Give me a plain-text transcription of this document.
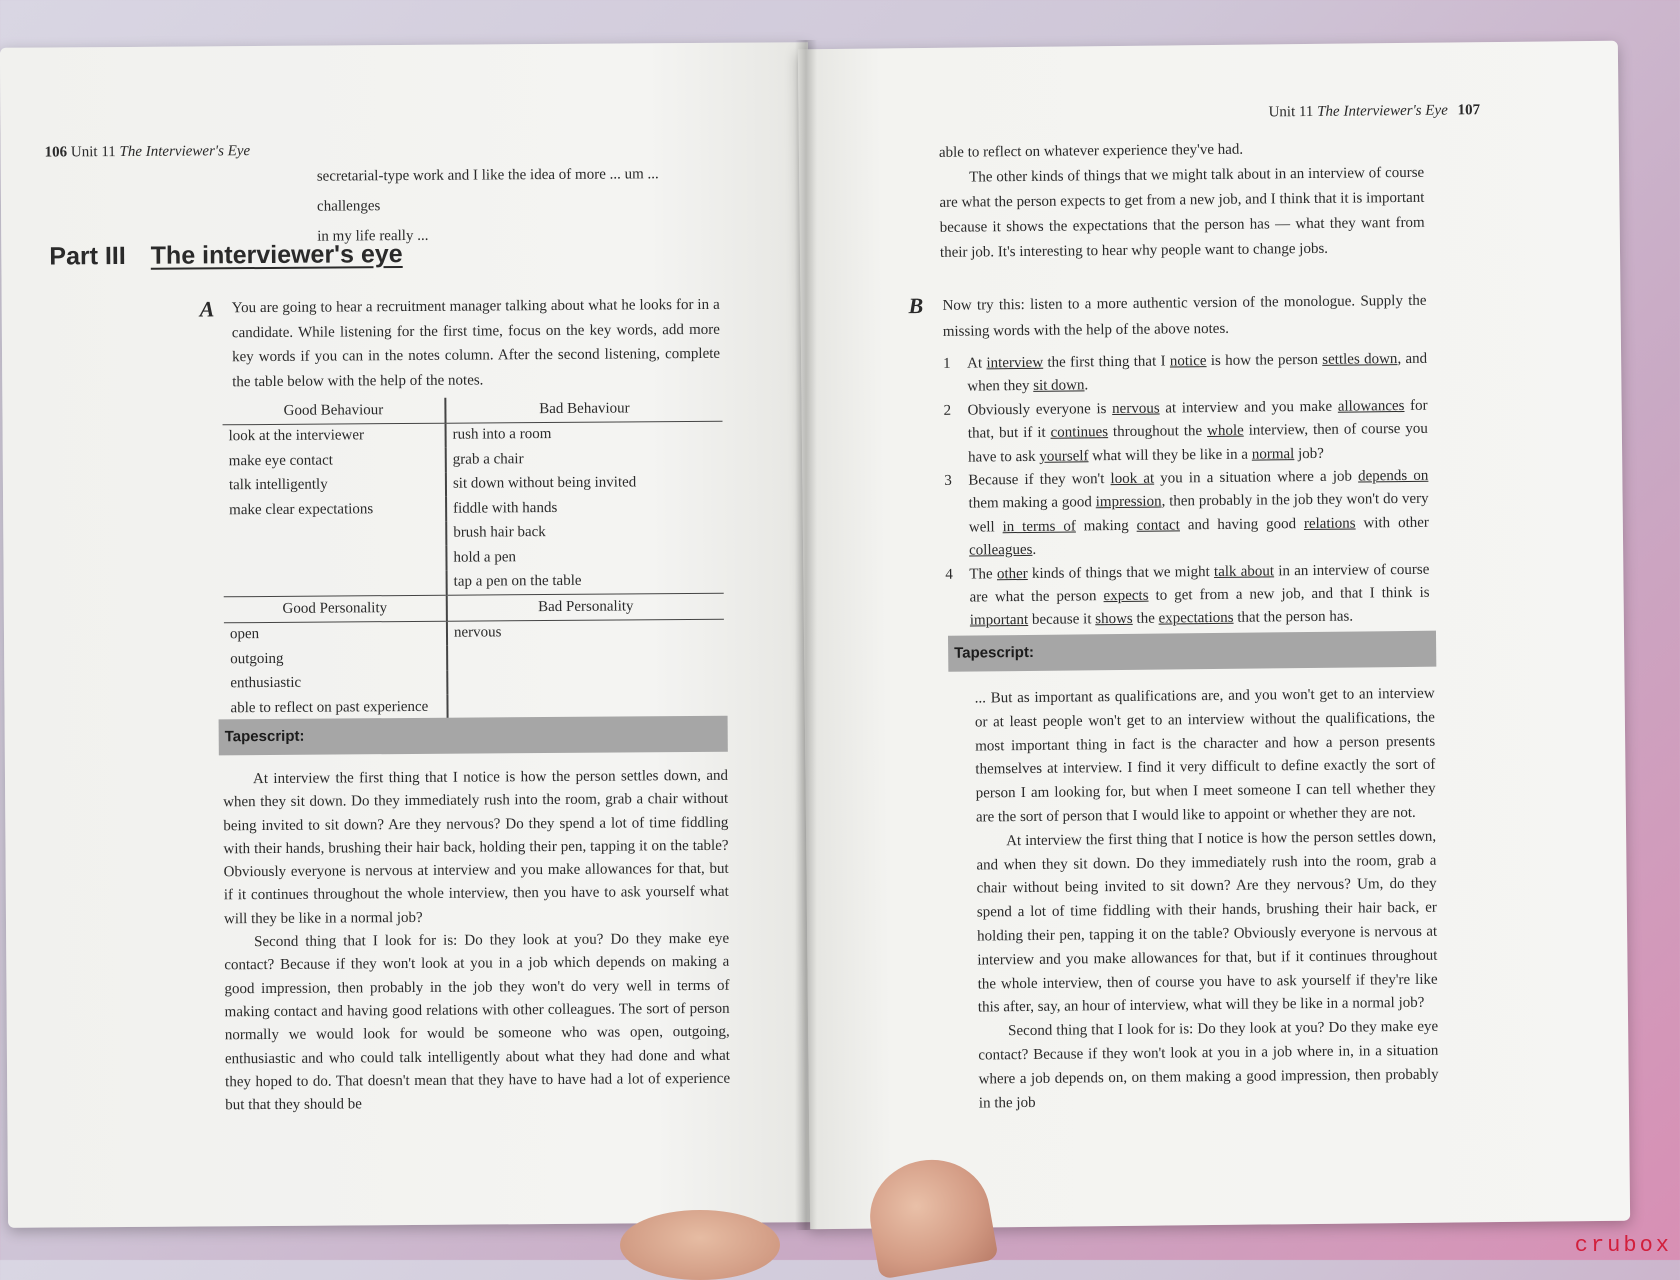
106 Unit 11 The Interviewer's Eye
secretarial-type work and I like the idea of more ... um ... challenges
in my life really ...
Part III The interviewer's eye
A You are going to hear a recruitment manager talking about what he looks for in a candidate. While listening for the first time, focus on the key words, add more key words if you can in the notes column. After the second listening, complete the table below with the help of the notes.
Good Behaviour	Bad Behaviour
look at the interviewer	rush into a room
make eye contact	grab a chair
talk intelligently	sit down without being invited
make clear expectations	fiddle with hands
	brush hair back
	hold a pen
	tap a pen on the table
Good Personality	Bad Personality
open	nervous
outgoing	
enthusiastic	
able to reflect on past experience	
Tapescript:

At interview the first thing that I notice is how the person settles down, and when they sit down. Do they immediately rush into the room, grab a chair without being invited to sit down? Are they nervous? Do they spend a lot of time fiddling with their hands, brushing their hair back, holding their pen, tapping it on the table? Obviously everyone is nervous at interview and you make allowances for that, but if it continues throughout the whole interview, then you have to ask yourself what will they be like in a normal job?

Second thing that I look for is: Do they look at you? Do they make eye contact? Because if they won't look at you in a job which depends on making a good impression, then probably in the job they won't do very well in terms of making contact and having good relations with other colleagues. The sort of person normally we would look for would be someone who was open, outgoing, enthusiastic and who could talk intelligently about what they had done and what they hoped to do. That doesn't mean that they have to have had a lot of experience but that they should be

Unit 11 The Interviewer's Eye 107

able to reflect on whatever experience they've had.

The other kinds of things that we might talk about in an interview of course are what the person expects to get from a new job, and I think that it is important because it shows the expectations that the person has — what they want from their job. It's interesting to hear why people want to change jobs.

B Now try this: listen to a more authentic version of the monologue. Supply the missing words with the help of the above notes.
1 At interview the first thing that I notice is how the person settles down, and when they sit down.
2 Obviously everyone is nervous at interview and you make allowances for that, but if it continues throughout the whole interview, then of course you have to ask yourself what will they be like in a normal job?
3 Because if they won't look at you in a situation where a job depends on them making a good impression, then probably in the job they won't do very well in terms of making contact and having good relations with other colleagues.
4 The other kinds of things that we might talk about in an interview of course are what the person expects to get from a new job, and that I think is important because it shows the expectations that the person has.
Tapescript:

... But as important as qualifications are, and you won't get to an interview or at least people won't get to an interview without the qualifications, the most important thing in fact is the character and how a person presents themselves at interview. I find it very difficult to define exactly the sort of person I am looking for, but when I meet someone I can tell whether they are the sort of person that I would like to appoint or whether they are not.

At interview the first thing that I notice is how the person settles down, and when they sit down. Do they immediately rush into the room, grab a chair without being invited to sit down? Are they nervous? Um, do they spend a lot of time fiddling with their hands, brushing their hair back, er holding their pen, tapping it on the table? Obviously everyone is nervous at interview and you make allowances for that, but if it continues throughout the whole interview, then of course you have to ask yourself if they're like this after, say, an hour of interview, what will they be like in a normal job?

Second thing that I look for is: Do they look at you? Do they make eye contact? Because if they won't look at you in a job where in, in a situation where a job depends on, on them making a good impression, then probably in the job

crubox
